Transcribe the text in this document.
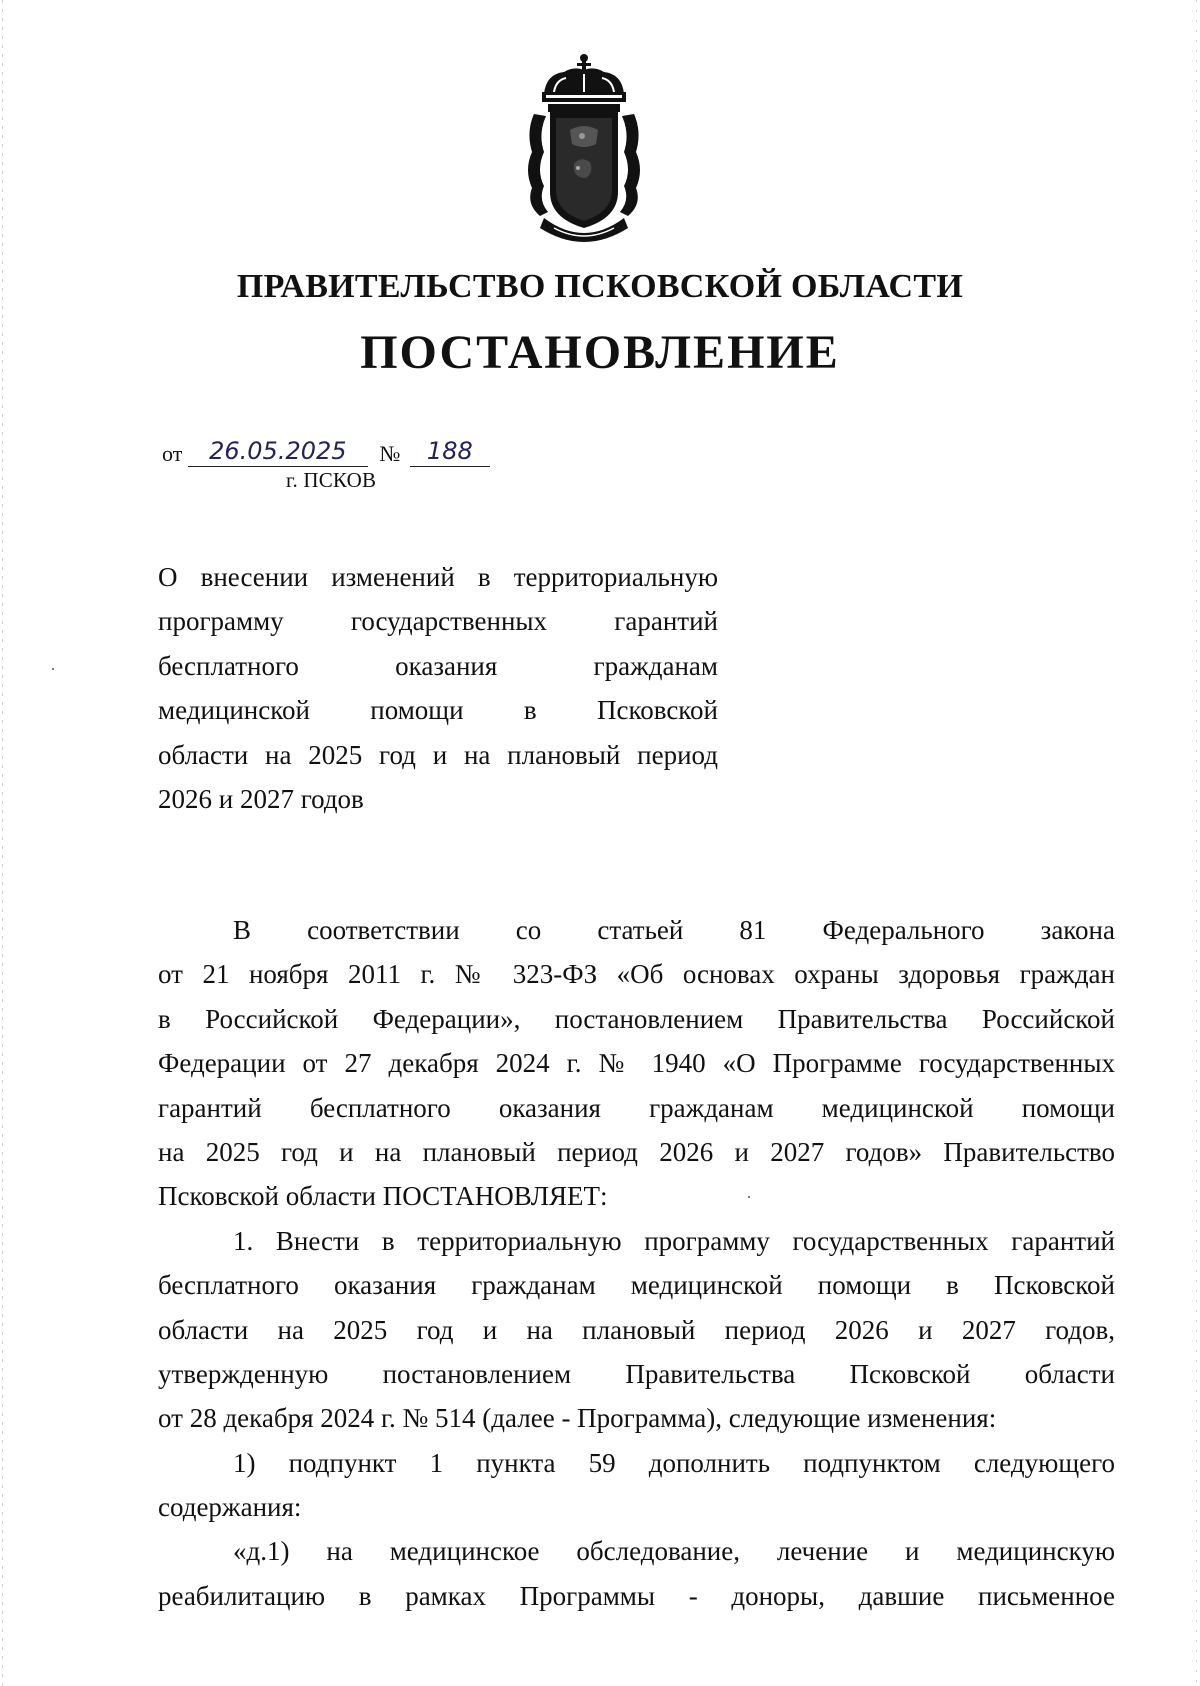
ПРАВИТЕЛЬСТВО ПСКОВСКОЙ ОБЛАСТИ
ПОСТАНОВЛЕНИЕ
от 26.05.2025 № 188
г. ПСКОВ
О внесении изменений в территориальную
программу государственных гарантий
бесплатного оказания гражданам
медицинской помощи в Псковской
области на 2025 год и на плановый период
2026 и 2027 годов
В соответствии со статьей 81 Федерального закона
от 21 ноября 2011 г. № 323-ФЗ «Об основах охраны здоровья граждан
в Российской Федерации», постановлением Правительства Российской
Федерации от 27 декабря 2024 г. № 1940 «О Программе государственных
гарантий бесплатного оказания гражданам медицинской помощи
на 2025 год и на плановый период 2026 и 2027 годов» Правительство
Псковской области ПОСТАНОВЛЯЕТ:
1. Внести в территориальную программу государственных гарантий
бесплатного оказания гражданам медицинской помощи в Псковской
области на 2025 год и на плановый период 2026 и 2027 годов,
утвержденную постановлением Правительства Псковской области
от 28 декабря 2024 г. № 514 (далее - Программа), следующие изменения:
1) подпункт 1 пункта 59 дополнить подпунктом следующего
содержания:
«д.1) на медицинское обследование, лечение и медицинскую
реабилитацию в рамках Программы - доноры, давшие письменное
